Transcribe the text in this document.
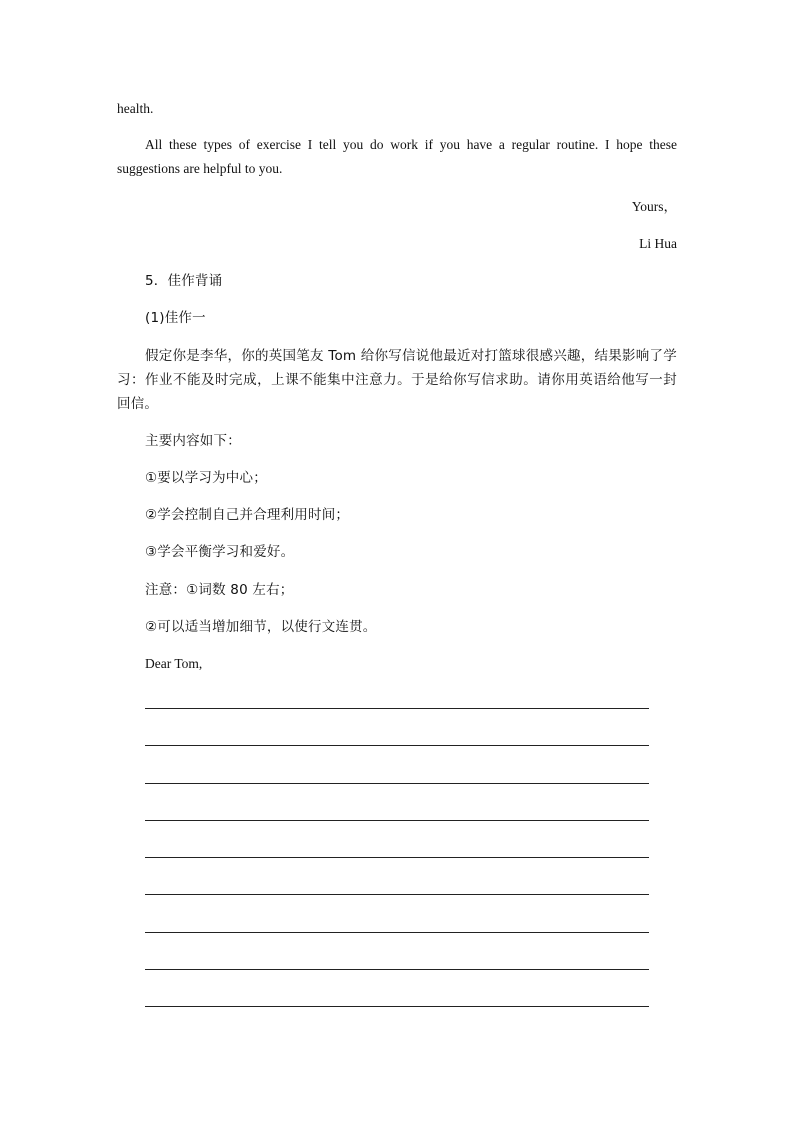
health.
All these types of exercise I tell you do work if you have a regular routine. I hope these
suggestions are helpful to you.
Yours，
Li Hua
5．佳作背诵
(1)佳作一
假定你是李华，你的英国笔友 Tom 给你写信说他最近对打篮球很感兴趣，结果影响了学
习：作业不能及时完成，上课不能集中注意力。于是给你写信求助。请你用英语给他写一封
回信。
主要内容如下：
①要以学习为中心；
②学会控制自己并合理利用时间；
③学会平衡学习和爱好。
注意：①词数 80 左右；
②可以适当增加细节，以使行文连贯。
Dear Tom,
